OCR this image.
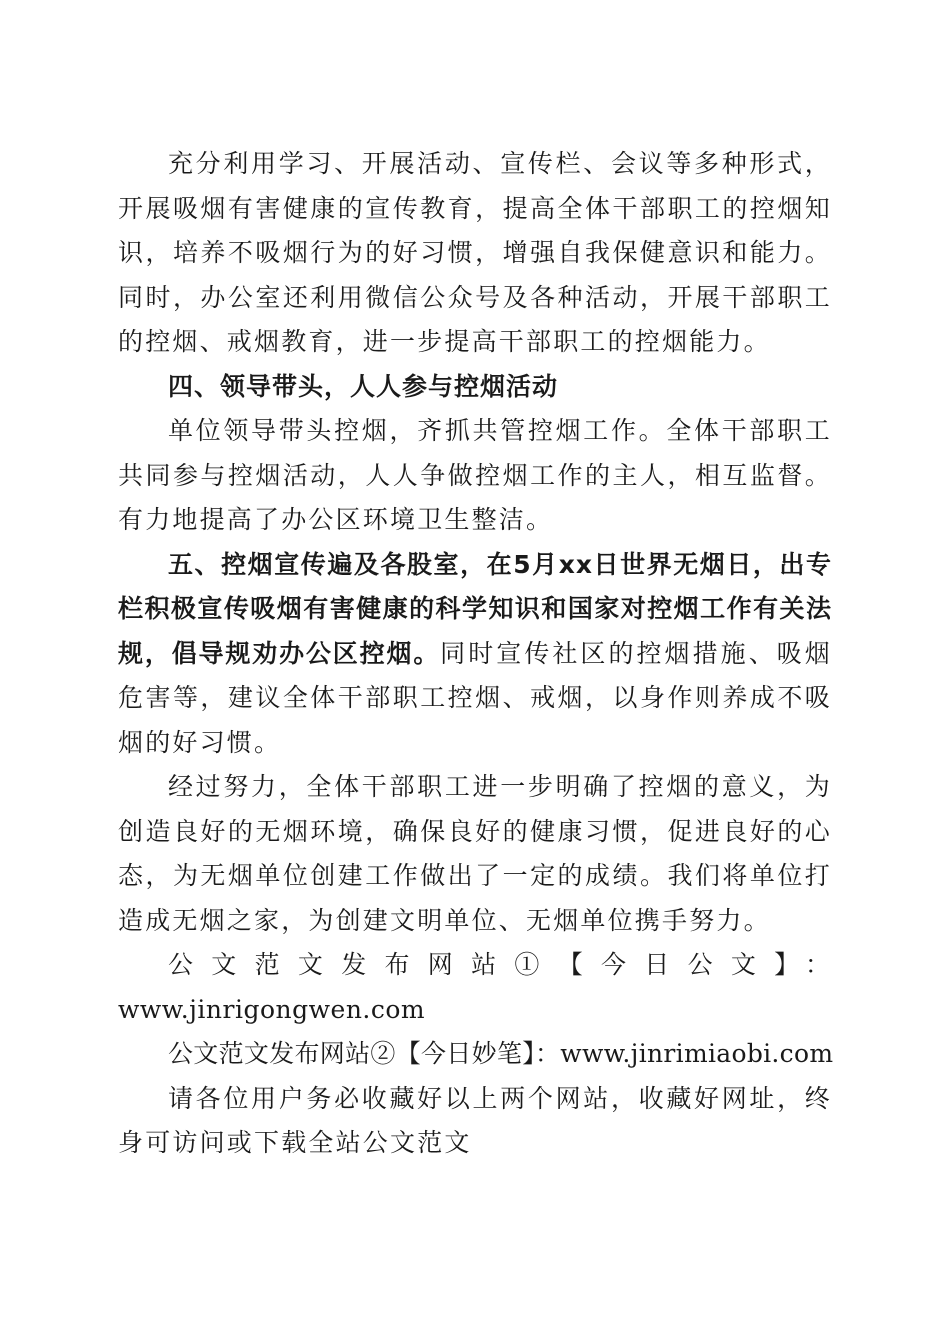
充分利用学习、开展活动、宣传栏、会议等多种形式，开展吸烟有害健康的宣传教育，提高全体干部职工的控烟知识，培养不吸烟行为的好习惯，增强自我保健意识和能力。同时，办公室还利用微信公众号及各种活动，开展干部职工的控烟、戒烟教育，进一步提高干部职工的控烟能力。

四、领导带头，人人参与控烟活动

单位领导带头控烟，齐抓共管控烟工作。全体干部职工共同参与控烟活动，人人争做控烟工作的主人，相互监督。有力地提高了办公区环境卫生整洁。

五、控烟宣传遍及各股室，在5月xx日世界无烟日，出专栏积极宣传吸烟有害健康的科学知识和国家对控烟工作有关法规，倡导规劝办公区控烟。同时宣传社区的控烟措施、吸烟危害等，建议全体干部职工控烟、戒烟，以身作则养成不吸烟的好习惯。

经过努力，全体干部职工进一步明确了控烟的意义，为创造良好的无烟环境，确保良好的健康习惯，促进良好的心态，为无烟单位创建工作做出了一定的成绩。我们将单位打造成无烟之家，为创建文明单位、无烟单位携手努力。

公文范文发布网站①【今日公文】：

www.jinrigongwen.com

公文范文发布网站②【今日妙笔】：www.jinrimiaobi.com

请各位用户务必收藏好以上两个网站，收藏好网址，终身可访问或下载全站公文范文
